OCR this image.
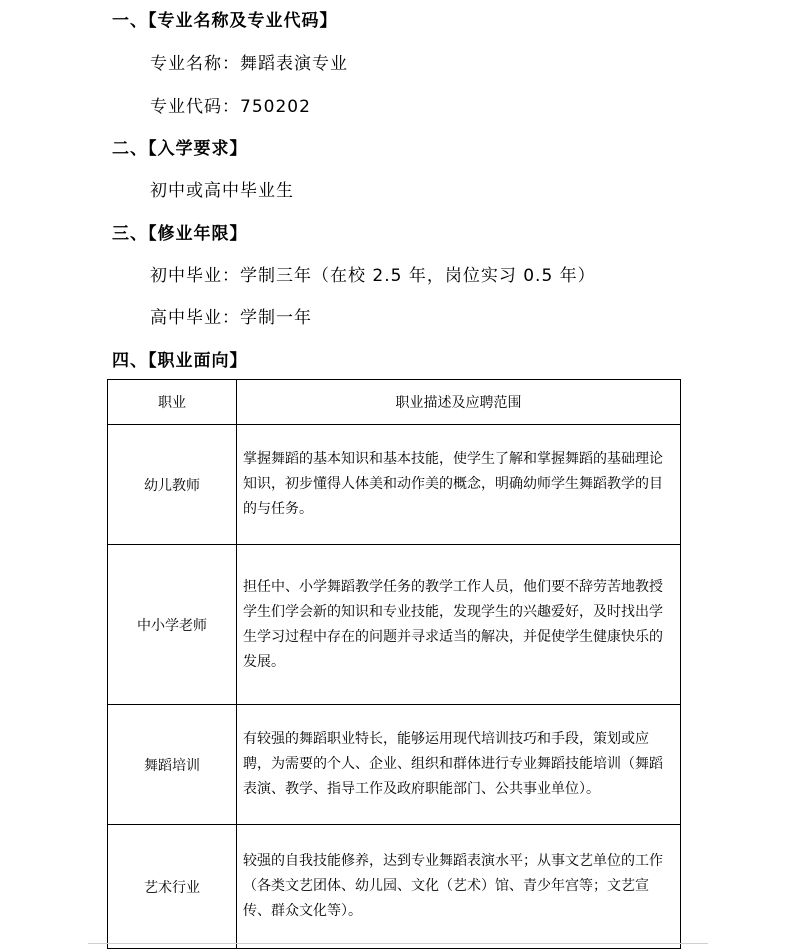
一、【专业名称及专业代码】
专业名称：舞蹈表演专业
专业代码：750202
二、【入学要求】
初中或高中毕业生
三、【修业年限】
初中毕业：学制三年（在校 2.5 年，岗位实习 0.5 年）
高中毕业：学制一年
四、【职业面向】
职业	职业描述及应聘范围
幼儿教师	掌握舞蹈的基本知识和基本技能，使学生了解和掌握舞蹈的基础理论知识，初步懂得人体美和动作美的概念，明确幼师学生舞蹈教学的目的与任务。
中小学老师	担任中、小学舞蹈教学任务的教学工作人员，他们要不辞劳苦地教授学生们学会新的知识和专业技能，发现学生的兴趣爱好，及时找出学生学习过程中存在的问题并寻求适当的解决，并促使学生健康快乐的发展。
舞蹈培训	有较强的舞蹈职业特长，能够运用现代培训技巧和手段，策划或应聘，为需要的个人、企业、组织和群体进行专业舞蹈技能培训（舞蹈表演、教学、指导工作及政府职能部门、公共事业单位）。
艺术行业	较强的自我技能修养，达到专业舞蹈表演水平；从事文艺单位的工作（各类文艺团体、幼儿园、文化（艺术）馆、青少年宫等；文艺宣传、群众文化等）。
